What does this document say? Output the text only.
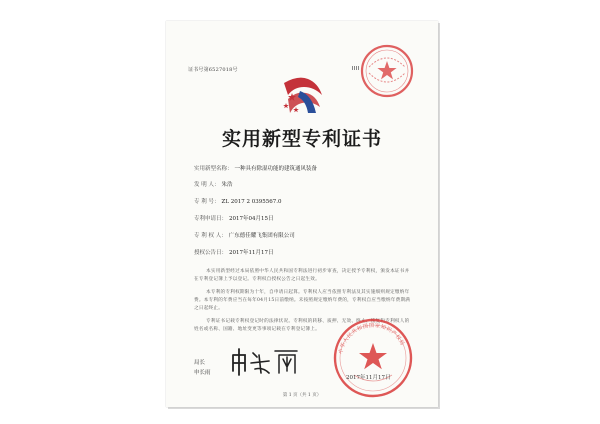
证书号第6527018号
实用新型专利证书
实用新型名称： 一种具有除湿功能的建筑通风装备
发 明 人： 朱浩
专 利 号： ZL 2017 2 0395567.0
专利申请日： 2017年04月15日
专 利 权 人： 广东德佳耀飞集团有限公司
授权公告日： 2017年11月17日

本实用新型经过本局依照中华人民共和国专利法进行初步审查，决定授予专利权，颁发本证书并在专利登记簿上予以登记。专利权自授权公告之日起生效。

本专利的专利权期限为十年，自申请日起算。专利权人应当依照专利法及其实施细则规定缴纳年费。本专利的年费应当在每年04月15日前缴纳。未按照规定缴纳年费的，专利权自应当缴纳年费期满之日起终止。

专利证书记载专利权登记时的法律状况。专利权的转移、质押、无效、终止、恢复和专利权人的姓名或名称、国籍、地址变更等事项记载在专利登记簿上。

局长
申长雨
中华人民共和国国家知识产权局
2017年11月17日
第 1 页（共 1 页）
